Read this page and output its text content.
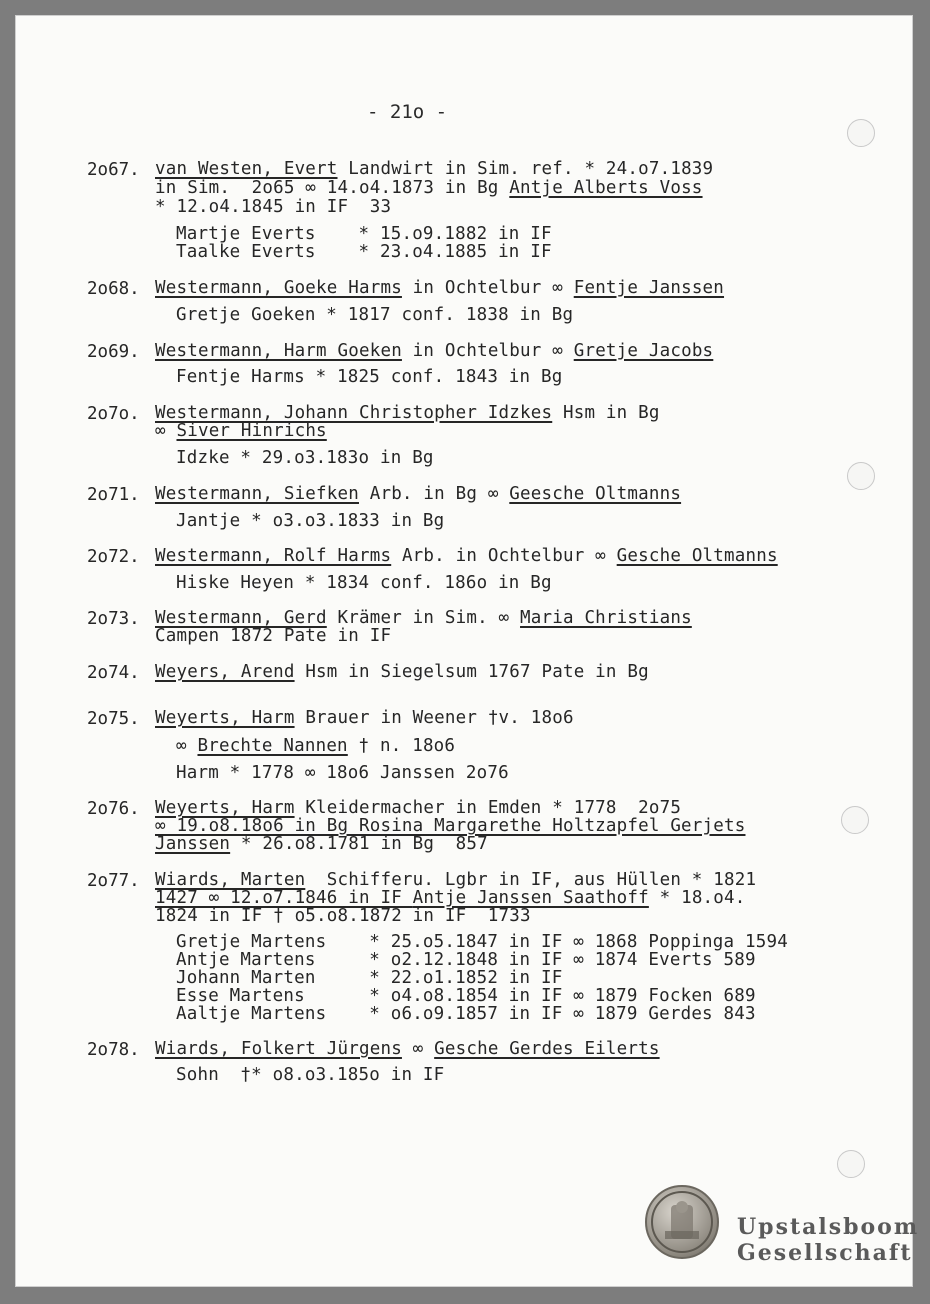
- 21o -
2o67. van Westen, Evert Landwirt in Sim. ref. * 24.o7.1839
in Sim.  2o65 ∞ 14.o4.1873 in Bg Antje Alberts Voss
* 12.o4.1845 in IF  33
Martje Everts    * 15.o9.1882 in IF
Taalke Everts    * 23.o4.1885 in IF
2o68. Westermann, Goeke Harms in Ochtelbur ∞ Fentje Janssen
Gretje Goeken * 1817 conf. 1838 in Bg
2o69. Westermann, Harm Goeken in Ochtelbur ∞ Gretje Jacobs
Fentje Harms * 1825 conf. 1843 in Bg
2o7o. Westermann, Johann Christopher Idzkes Hsm in Bg
∞ Siver Hinrichs
Idzke * 29.o3.183o in Bg
2o71. Westermann, Siefken Arb. in Bg ∞ Geesche Oltmanns
Jantje * o3.o3.1833 in Bg
2o72. Westermann, Rolf Harms Arb. in Ochtelbur ∞ Gesche Oltmanns
Hiske Heyen * 1834 conf. 186o in Bg
2o73. Westermann, Gerd Krämer in Sim. ∞ Maria Christians
Campen 1872 Pate in IF
2o74. Weyers, Arend Hsm in Siegelsum 1767 Pate in Bg
2o75. Weyerts, Harm Brauer in Weener †v. 18o6
∞ Brechte Nannen † n. 18o6
Harm * 1778 ∞ 18o6 Janssen 2o76
2o76. Weyerts, Harm Kleidermacher in Emden * 1778  2o75
∞ 19.o8.18o6 in Bg Rosina Margarethe Holtzapfel Gerjets
Janssen * 26.o8.1781 in Bg  857
2o77. Wiards, Marten  Schifferu. Lgbr in IF, aus Hüllen * 1821
1427 ∞ 12.o7.1846 in IF Antje Janssen Saathoff * 18.o4.
1824 in IF † o5.o8.1872 in IF  1733
Gretje Martens    * 25.o5.1847 in IF ∞ 1868 Poppinga 1594
Antje Martens     * o2.12.1848 in IF ∞ 1874 Everts 589
Johann Marten     * 22.o1.1852 in IF
Esse Martens      * o4.o8.1854 in IF ∞ 1879 Focken 689
Aaltje Martens    * o6.o9.1857 in IF ∞ 1879 Gerdes 843
2o78. Wiards, Folkert Jürgens ∞ Gesche Gerdes Eilerts
Sohn  †* o8.o3.185o in IF
Upstalsboom
Gesellschaft
